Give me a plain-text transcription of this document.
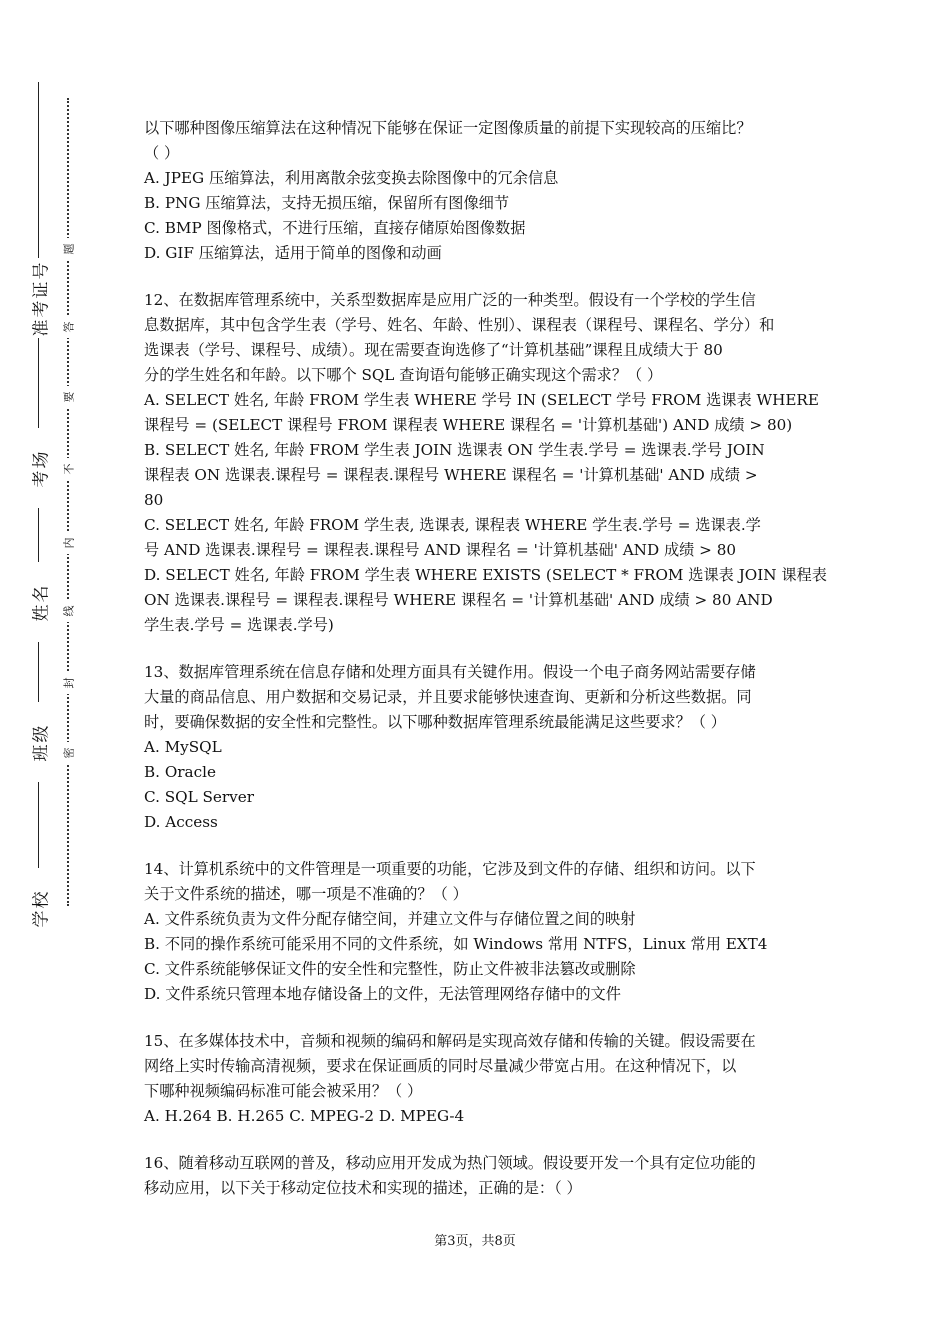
准考证号
考场
姓名
班级
学校
题
答
要
不
内
线
封
密
以下哪种图像压缩算法在这种情况下能够在保证一定图像质量的前提下实现较高的压缩比？
（ ）
A. JPEG 压缩算法，利用离散余弦变换去除图像中的冗余信息
B. PNG 压缩算法，支持无损压缩，保留所有图像细节
C. BMP 图像格式，不进行压缩，直接存储原始图像数据
D. GIF 压缩算法，适用于简单的图像和动画
12、在数据库管理系统中，关系型数据库是应用广泛的一种类型。假设有一个学校的学生信
息数据库，其中包含学生表（学号、姓名、年龄、性别）、课程表（课程号、课程名、学分）和
选课表（学号、课程号、成绩）。现在需要查询选修了“计算机基础”课程且成绩大于 80
分的学生姓名和年龄。以下哪个 SQL 查询语句能够正确实现这个需求？（ ）
A. SELECT 姓名, 年龄 FROM 学生表 WHERE 学号 IN (SELECT 学号 FROM 选课表 WHERE
课程号 = (SELECT 课程号 FROM 课程表 WHERE 课程名 = '计算机基础') AND 成绩 > 80)
B. SELECT 姓名, 年龄 FROM 学生表 JOIN 选课表 ON 学生表.学号 = 选课表.学号 JOIN
课程表 ON 选课表.课程号 = 课程表.课程号 WHERE 课程名 = '计算机基础' AND 成绩 >
80
C. SELECT 姓名, 年龄 FROM 学生表, 选课表, 课程表 WHERE 学生表.学号 = 选课表.学
号 AND 选课表.课程号 = 课程表.课程号 AND 课程名 = '计算机基础' AND 成绩 > 80
D. SELECT 姓名, 年龄 FROM 学生表 WHERE EXISTS (SELECT * FROM 选课表 JOIN 课程表
ON 选课表.课程号 = 课程表.课程号 WHERE 课程名 = '计算机基础' AND 成绩 > 80 AND
学生表.学号 = 选课表.学号)
13、数据库管理系统在信息存储和处理方面具有关键作用。假设一个电子商务网站需要存储
大量的商品信息、用户数据和交易记录，并且要求能够快速查询、更新和分析这些数据。同
时，要确保数据的安全性和完整性。以下哪种数据库管理系统最能满足这些要求？（ ）
A. MySQL
B. Oracle
C. SQL Server
D. Access
14、计算机系统中的文件管理是一项重要的功能，它涉及到文件的存储、组织和访问。以下
关于文件系统的描述，哪一项是不准确的？（ ）
A. 文件系统负责为文件分配存储空间，并建立文件与存储位置之间的映射
B. 不同的操作系统可能采用不同的文件系统，如 Windows 常用 NTFS，Linux 常用 EXT4
C. 文件系统能够保证文件的安全性和完整性，防止文件被非法篡改或删除
D. 文件系统只管理本地存储设备上的文件，无法管理网络存储中的文件
15、在多媒体技术中，音频和视频的编码和解码是实现高效存储和传输的关键。假设需要在
网络上实时传输高清视频，要求在保证画质的同时尽量减少带宽占用。在这种情况下，以
下哪种视频编码标准可能会被采用？（ ）
A. H.264 B. H.265 C. MPEG-2 D. MPEG-4
16、随着移动互联网的普及，移动应用开发成为热门领域。假设要开发一个具有定位功能的
移动应用，以下关于移动定位技术和实现的描述，正确的是：（ ）
第3页，共8页
